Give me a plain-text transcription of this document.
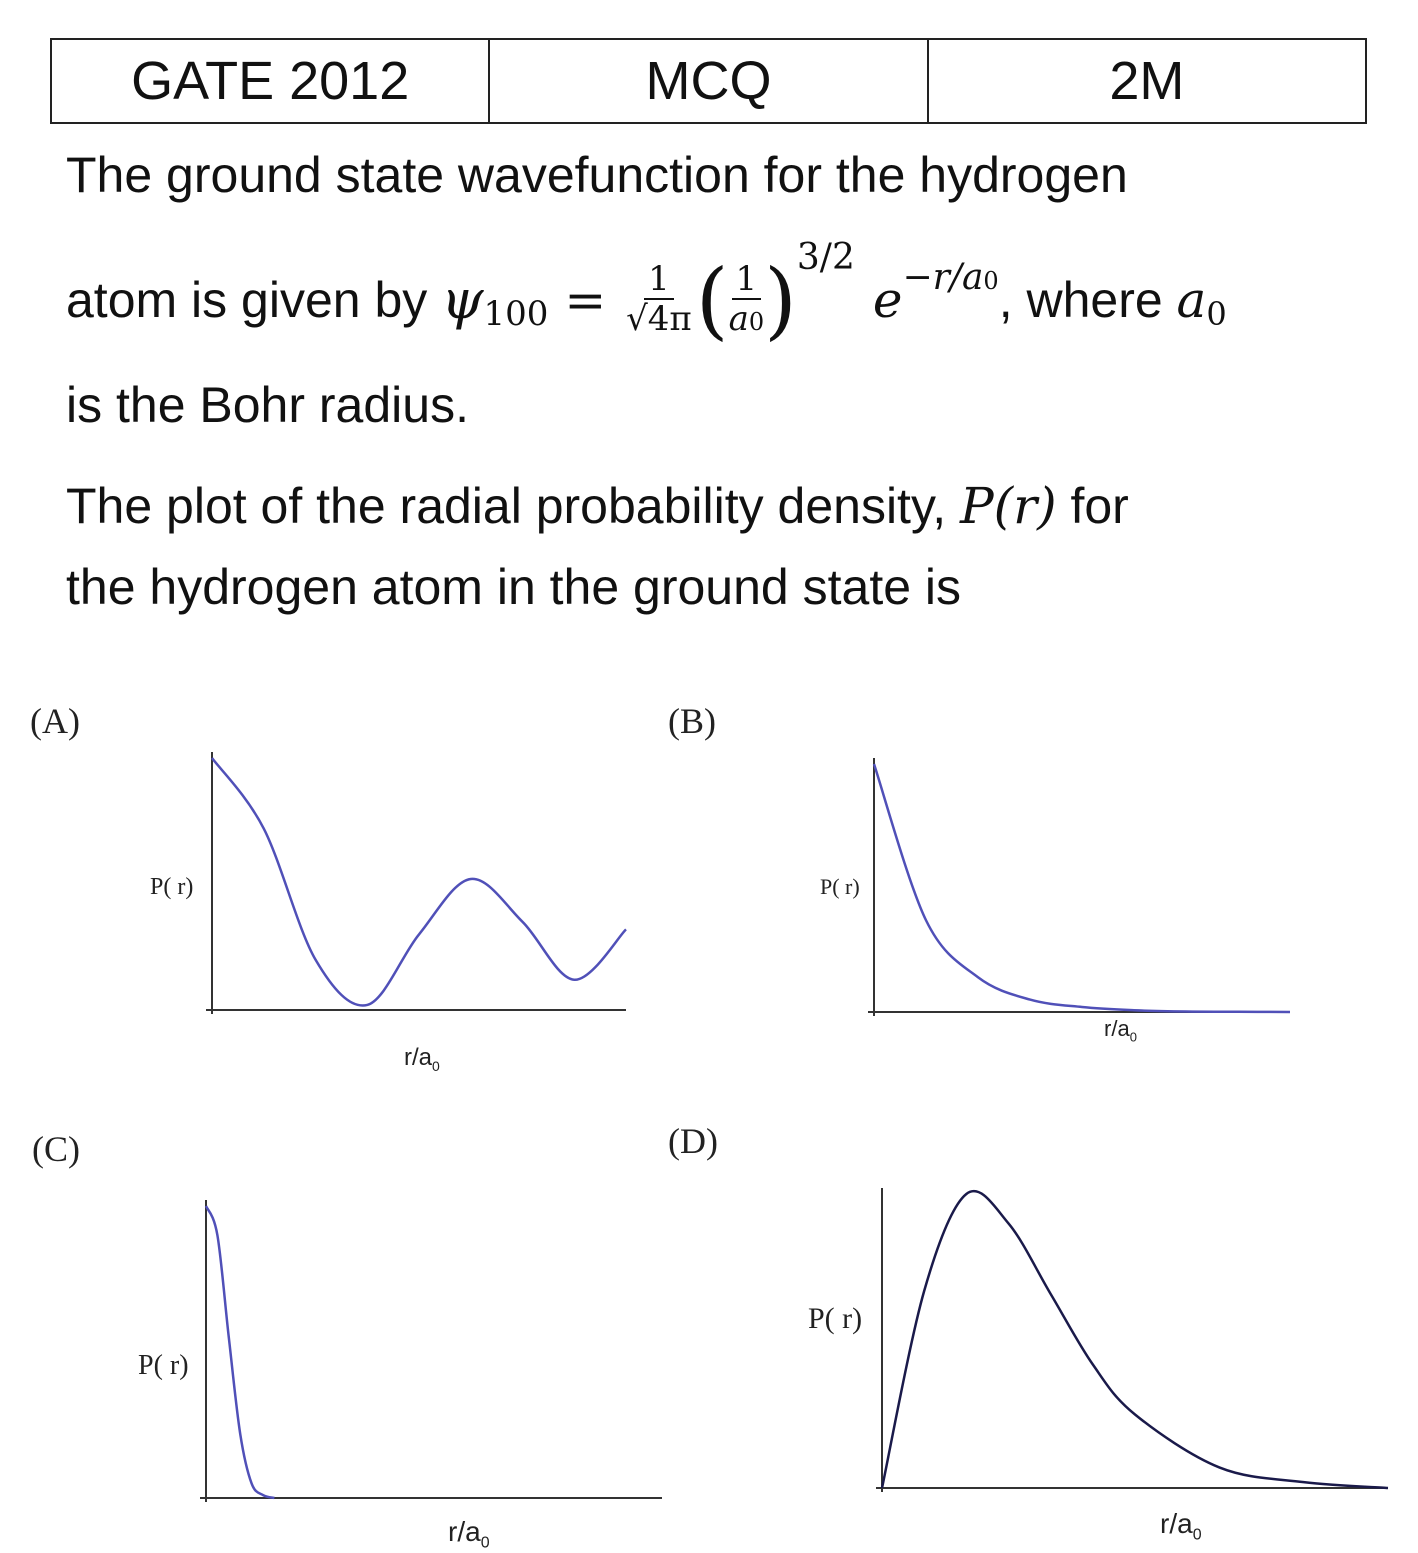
GATE 2012	MCQ	2M
The ground state wavefunction for the hydrogen
atom is given by ψ $100 = \frac{1}{√4\pi}$ ( $\frac{1}{a0}$ ) 3/2
e −r/a0 , where a0
is the Bohr radius.
The plot of the radial probability density, P(r) for
the hydrogen atom in the ground state is
(A)	(B)
(C)	(D)
P( r)	P( r)
P( r)
P( r)
$r/a_0$
$r/a_0$
$r/a_0$
$r/a_0$
